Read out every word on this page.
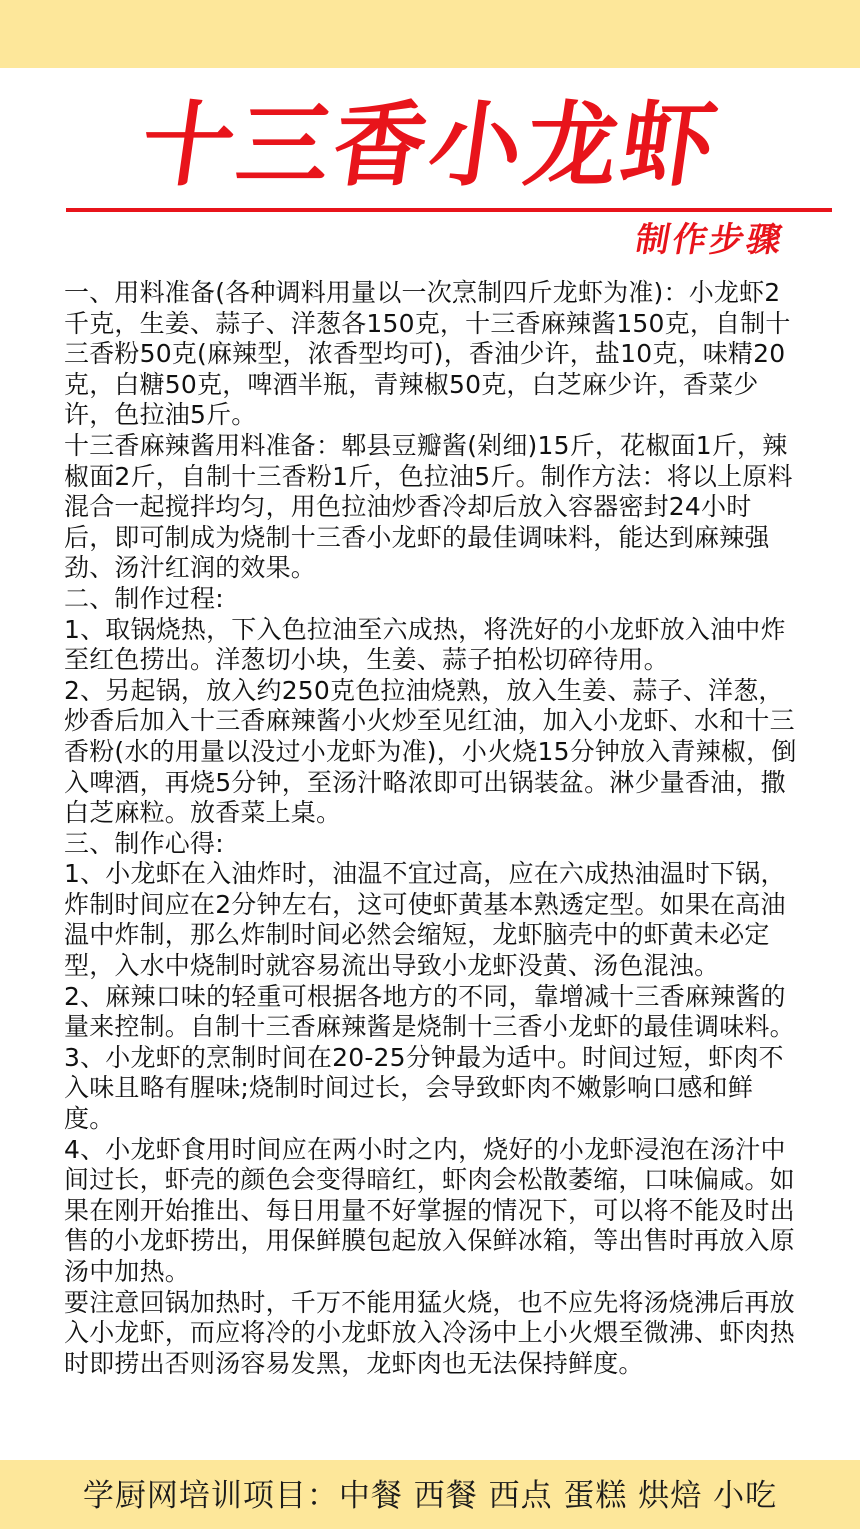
十三香小龙虾
制作步骤

一、用料准备(各种调料用量以一次烹制四斤龙虾为准)：小龙虾2千克，生姜、蒜子、洋葱各150克，十三香麻辣酱150克，自制十三香粉50克(麻辣型，浓香型均可)，香油少许，盐10克，味精20克，白糖50克，啤酒半瓶，青辣椒50克，白芝麻少许，香菜少许，色拉油5斤。

十三香麻辣酱用料准备：郫县豆瓣酱(剁细)15斤，花椒面1斤，辣椒面2斤，自制十三香粉1斤，色拉油5斤。制作方法：将以上原料混合一起搅拌均匀，用色拉油炒香冷却后放入容器密封24小时后，即可制成为烧制十三香小龙虾的最佳调味料，能达到麻辣强劲、汤汁红润的效果。

二、制作过程:

1、取锅烧热，下入色拉油至六成热，将洗好的小龙虾放入油中炸至红色捞出。洋葱切小块，生姜、蒜子拍松切碎待用。

2、另起锅，放入约250克色拉油烧熟，放入生姜、蒜子、洋葱，炒香后加入十三香麻辣酱小火炒至见红油，加入小龙虾、水和十三香粉(水的用量以没过小龙虾为准)，小火烧15分钟放入青辣椒，倒入啤酒，再烧5分钟，至汤汁略浓即可出锅装盆。淋少量香油，撒白芝麻粒。放香菜上桌。

三、制作心得:

1、小龙虾在入油炸时，油温不宜过高，应在六成热油温时下锅，炸制时间应在2分钟左右，这可使虾黄基本熟透定型。如果在高油温中炸制，那么炸制时间必然会缩短，龙虾脑壳中的虾黄未必定型，入水中烧制时就容易流出导致小龙虾没黄、汤色混浊。

2、麻辣口味的轻重可根据各地方的不同，靠增减十三香麻辣酱的量来控制。自制十三香麻辣酱是烧制十三香小龙虾的最佳调味料。

3、小龙虾的烹制时间在20-25分钟最为适中。时间过短，虾肉不入味且略有腥味;烧制时间过长，会导致虾肉不嫩影响口感和鲜度。

4、小龙虾食用时间应在两小时之内，烧好的小龙虾浸泡在汤汁中间过长，虾壳的颜色会变得暗红，虾肉会松散萎缩，口味偏咸。如果在刚开始推出、每日用量不好掌握的情况下，可以将不能及时出售的小龙虾捞出，用保鲜膜包起放入保鲜冰箱，等出售时再放入原汤中加热。

要注意回锅加热时，千万不能用猛火烧，也不应先将汤烧沸后再放入小龙虾，而应将冷的小龙虾放入冷汤中上小火煨至微沸、虾肉热时即捞出否则汤容易发黑，龙虾肉也无法保持鲜度。

学厨网培训项目：中餐 西餐 西点 蛋糕 烘焙 小吃
